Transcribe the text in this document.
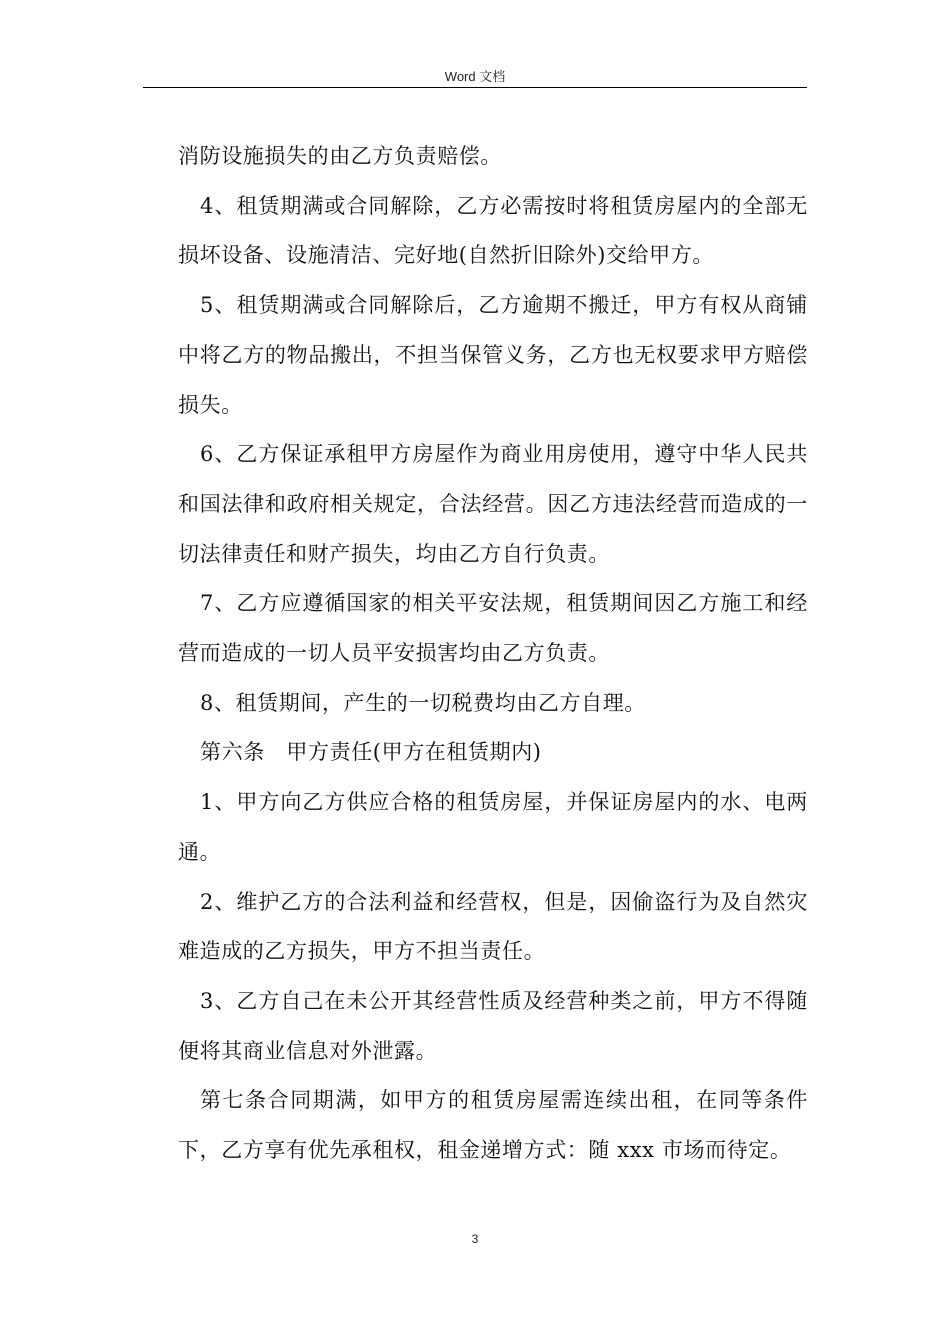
Word 文档

消防设施损失的由乙方负责赔偿。

4、租赁期满或合同解除，乙方必需按时将租赁房屋内的全部无损坏设备、设施清洁、完好地(自然折旧除外)交给甲方。

5、租赁期满或合同解除后，乙方逾期不搬迁，甲方有权从商铺中将乙方的物品搬出，不担当保管义务，乙方也无权要求甲方赔偿损失。

6、乙方保证承租甲方房屋作为商业用房使用，遵守中华人民共和国法律和政府相关规定，合法经营。因乙方违法经营而造成的一切法律责任和财产损失，均由乙方自行负责。

7、乙方应遵循国家的相关平安法规，租赁期间因乙方施工和经营而造成的一切人员平安损害均由乙方负责。

8、租赁期间，产生的一切税费均由乙方自理。

第六条　甲方责任(甲方在租赁期内)

1、甲方向乙方供应合格的租赁房屋，并保证房屋内的水、电两通。

2、维护乙方的合法利益和经营权，但是，因偷盗行为及自然灾难造成的乙方损失，甲方不担当责任。

3、乙方自己在未公开其经营性质及经营种类之前，甲方不得随便将其商业信息对外泄露。

第七条合同期满，如甲方的租赁房屋需连续出租，在同等条件下，乙方享有优先承租权，租金递增方式：随 xxx 市场而待定。

3
